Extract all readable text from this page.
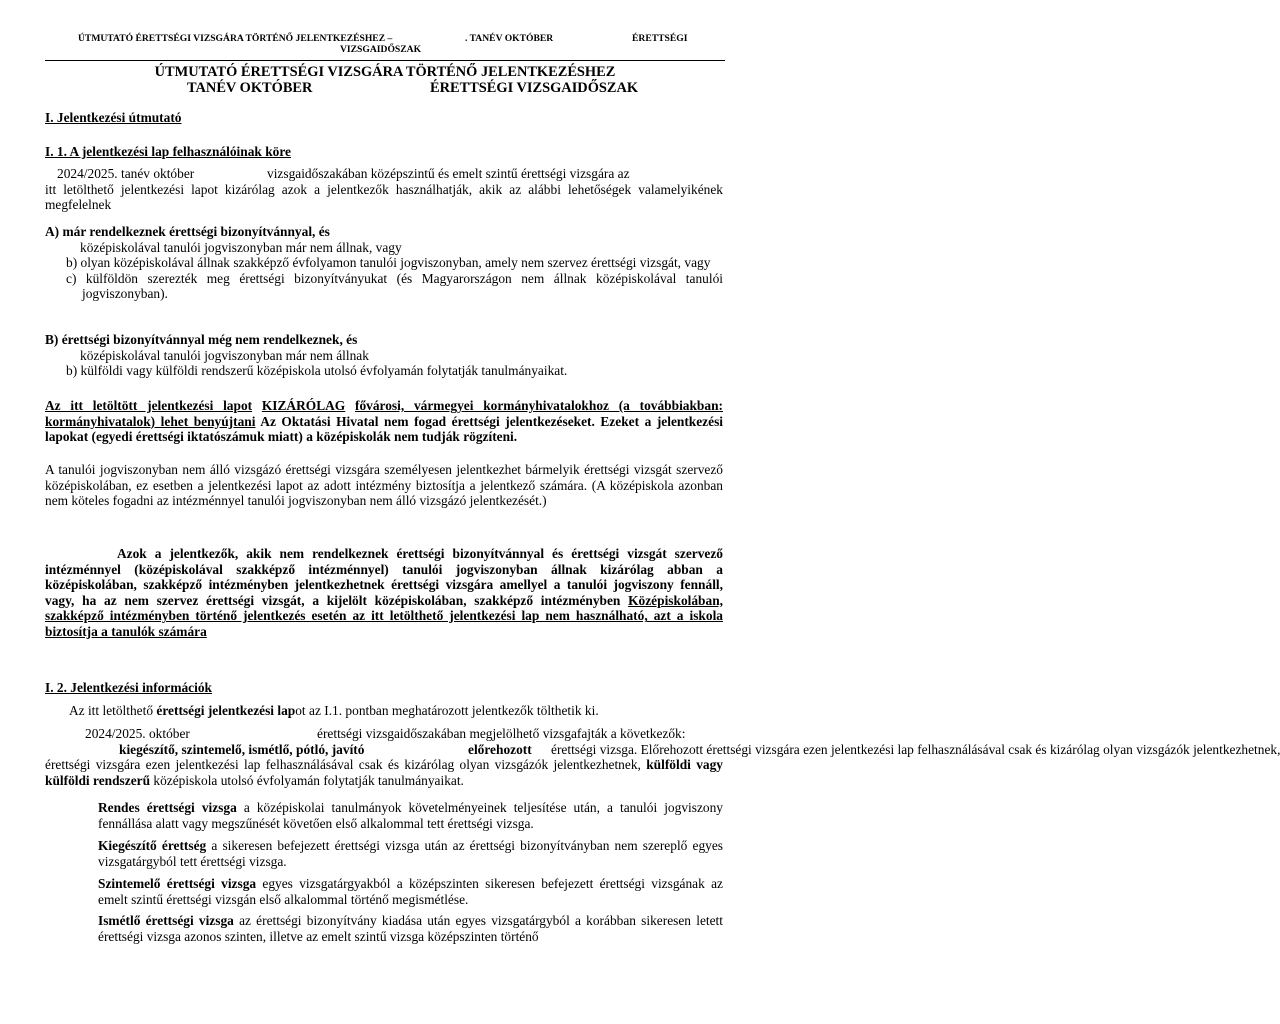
ÚTMUTATÓ ÉRETTSÉGI VIZSGÁRA TÖRTÉNŐ JELENTKEZÉSHEZ –	. TANÉV OKTÓBER	ÉRETTSÉGI
VIZSGAIDŐSZAK
ÚTMUTATÓ ÉRETTSÉGI VIZSGÁRA TÖRTÉNŐ JELENTKEZÉSHEZ
TANÉV OKTÓBER	ÉRETTSÉGI VIZSGAIDŐSZAK
I. Jelentkezési útmutató
I. 1. A jelentkezési lap felhasználóinak köre

2024/2025. tanév október	vizsgaidőszakában középszintű és emelt szintű érettségi vizsgára az

itt letölthető jelentkezési lapot kizárólag azok a jelentkezők használhatják, akik az alábbi lehetőségek valamelyikének megfelelnek

A) már rendelkeznek érettségi bizonyítvánnyal, és

középiskolával tanulói jogviszonyban már nem állnak, vagy

b) olyan középiskolával állnak szakképző évfolyamon tanulói jogviszonyban, amely nem szervez érettségi vizsgát, vagy

c) külföldön szerezték meg érettségi bizonyítványukat (és Magyarországon nem állnak középiskolával tanulói jogviszonyban).

B) érettségi bizonyítvánnyal még nem rendelkeznek, és

középiskolával tanulói jogviszonyban már nem állnak

b) külföldi vagy külföldi rendszerű középiskola utolsó évfolyamán folytatják tanulmányaikat.

Az itt letöltött jelentkezési lapot KIZÁRÓLAG fővárosi, vármegyei kormányhivatalokhoz (a továbbiakban: kormányhivatalok) lehet benyújtani Az Oktatási Hivatal nem fogad érettségi jelentkezéseket. Ezeket a jelentkezési lapokat (egyedi érettségi iktatószámuk miatt) a középiskolák nem tudják rögzíteni.

A tanulói jogviszonyban nem álló vizsgázó érettségi vizsgára személyesen jelentkezhet bármelyik érettségi vizsgát szervező középiskolában, ez esetben a jelentkezési lapot az adott intézmény biztosítja a jelentkező számára. (A középiskola azonban nem köteles fogadni az intézménnyel tanulói jogviszonyban nem álló vizsgázó jelentkezését.)

Azok a jelentkezők, akik nem rendelkeznek érettségi bizonyítvánnyal és érettségi vizsgát szervező intézménnyel (középiskolával szakképző intézménnyel) tanulói jogviszonyban állnak kizárólag abban a középiskolában, szakképző intézményben jelentkezhetnek érettségi vizsgára amellyel a tanulói jogviszony fennáll, vagy, ha az nem szervez érettségi vizsgát, a kijelölt középiskolában, szakképző intézményben Középiskolában, szakképző intézményben történő jelentkezés esetén az itt letölthető jelentkezési lap nem használható, azt a iskola biztosítja a tanulók számára

I. 2. Jelentkezési információk

Az itt letölthető érettségi jelentkezési lapot az I.1. pontban meghatározott jelentkezők tölthetik ki.

2024/2025. október	érettségi vizsgaidőszakában megjelölhető vizsgafajták a következők:

kiegészítő, szintemelő, ismétlő, pótló, javító	előrehozott érettségi vizsga. Előrehozott érettségi vizsgára ezen jelentkezési lap felhasználásával csak és kizárólag olyan vizsgázók jelentkezhetnek,

érettségi vizsgára ezen jelentkezési lap felhasználásával csak és kizárólag olyan vizsgázók jelentkezhetnek, külföldi vagy külföldi rendszerű középiskola utolsó évfolyamán folytatják tanulmányaikat.

Rendes érettségi vizsga a középiskolai tanulmányok követelményeinek teljesítése után, a tanulói jogviszony fennállása alatt vagy megszűnését követően első alkalommal tett érettségi vizsga.

Kiegészítő érettség a sikeresen befejezett érettségi vizsga után az érettségi bizonyítványban nem szereplő egyes vizsgatárgyból tett érettségi vizsga.

Szintemelő érettségi vizsga egyes vizsgatárgyakból a középszinten sikeresen befejezett érettségi vizsgának az emelt szintű érettségi vizsgán első alkalommal történő megismétlése.

Ismétlő érettségi vizsga az érettségi bizonyítvány kiadása után egyes vizsgatárgyból a korábban sikeresen letett érettségi vizsga azonos szinten, illetve az emelt szintű vizsga középszinten történő
